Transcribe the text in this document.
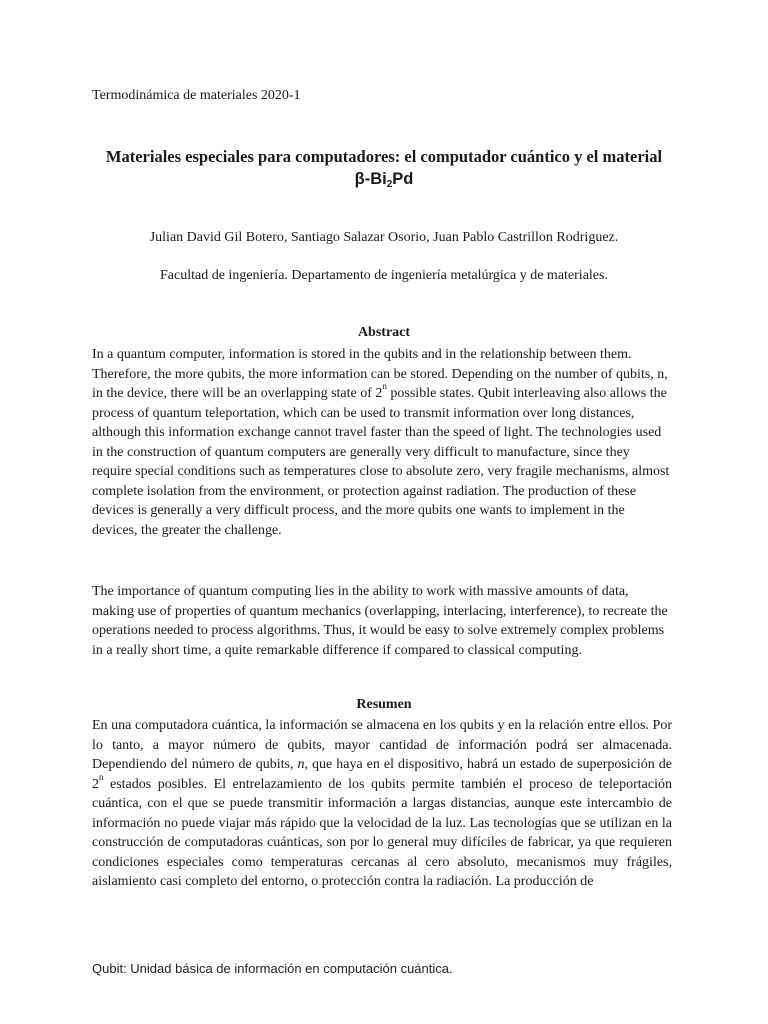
Termodinámica de materiales 2020-1
Materiales especiales para computadores: el computador cuántico y el material $\beta-Bi_2Pd$
Julian David Gil Botero, Santiago Salazar Osorio, Juan Pablo Castrillon Rodriguez.
Facultad de ingeniería. Departamento de ingeniería metalúrgica y de materiales.
Abstract

In a quantum computer, information is stored in the qubits and in the relationship between them. Therefore, the more qubits, the more information can be stored. Depending on the number of qubits, n, in the device, there will be an overlapping state of 2$^n$ possible states. Qubit interleaving also allows the process of quantum teleportation, which can be used to transmit information over long distances, although this information exchange cannot travel faster than the speed of light. The technologies used in the construction of quantum computers are generally very difficult to manufacture, since they require special conditions such as temperatures close to absolute zero, very fragile mechanisms, almost complete isolation from the environment, or protection against radiation. The production of these devices is generally a very difficult process, and the more qubits one wants to implement in the devices, the greater the challenge.

The importance of quantum computing lies in the ability to work with massive amounts of data, making use of properties of quantum mechanics (overlapping, interlacing, interference), to recreate the operations needed to process algorithms. Thus, it would be easy to solve extremely complex problems in a really short time, a quite remarkable difference if compared to classical computing.

Resumen

En una computadora cuántica, la información se almacena en los qubits y en la relación entre ellos. Por lo tanto, a mayor número de qubits, mayor cantidad de información podrá ser almacenada. Dependiendo del número de qubits, n, que haya en el dispositivo, habrá un estado de superposición de 2$^n$ estados posibles. El entrelazamiento de los qubits permite también el proceso de teleportación cuántica, con el que se puede transmitir información a largas distancias, aunque este intercambio de información no puede viajar más rápido que la velocidad de la luz. Las tecnologías que se utilizan en la construcción de computadoras cuánticas, son por lo general muy difíciles de fabricar, ya que requieren condiciones especiales como temperaturas cercanas al cero absoluto, mecanismos muy frágiles, aislamiento casi completo del entorno, o protección contra la radiación. La producción de

Qubit: Unidad básica de información en computación cuántica.
